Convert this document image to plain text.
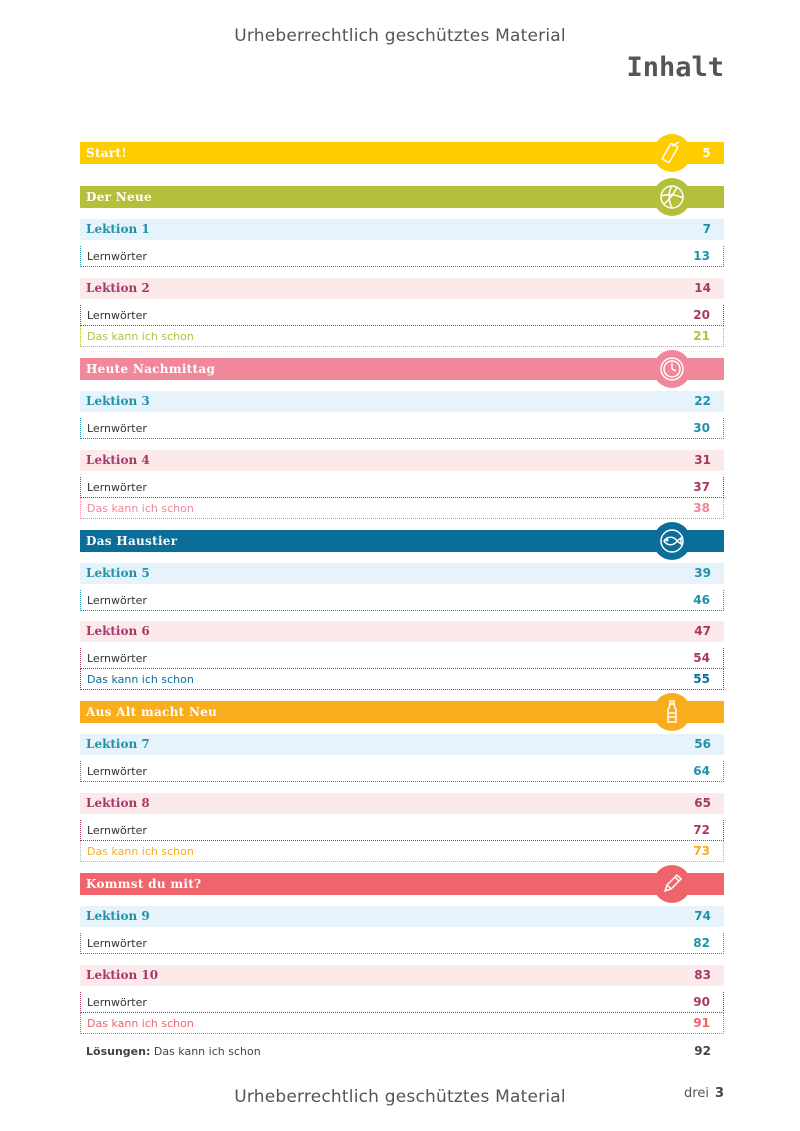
Urheberrechtlich geschütztes Material
Inhalt
Start!	5
Der Neue
Lektion 1	7
Lernwörter	13
Lektion 2	14
Lernwörter	20
Das kann ich schon	21
Heute Nachmittag
Lektion 3	22
Lernwörter	30
Lektion 4	31
Lernwörter	37
Das kann ich schon	38
Das Haustier
Lektion 5	39
Lernwörter	46
Lektion 6	47
Lernwörter	54
Das kann ich schon	55
Aus Alt macht Neu
Lektion 7	56
Lernwörter	64
Lektion 8	65
Lernwörter	72
Das kann ich schon	73
Kommst du mit?
Lektion 9	74
Lernwörter	82
Lektion 10	83
Lernwörter	90
Das kann ich schon	91
Lösungen: Das kann ich schon	92
Urheberrechtlich geschütztes Material	drei 3
